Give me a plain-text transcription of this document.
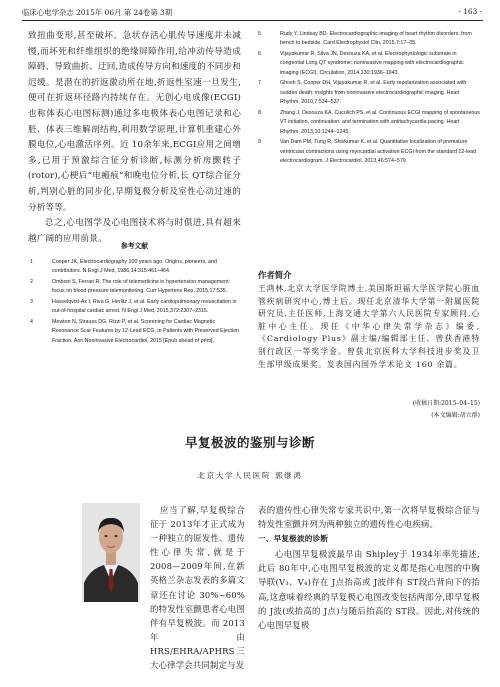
临床心电学杂志 2015年 06月 第 24卷第 3期	· 163 ·

致扭曲变形,甚至破坏。急状存活心肌传导速度并未减慢,而坏死和纤维组织的绝缘屏障作用,给冲动传导造成障碍、导致曲折、迂回,造成传导方向和速度的不同步和迟缓。是潜在的折返激动所在地,折返性室速一旦发生,便可在折返环径路内持续存在。无创心电成像(ECGI)也称体表心电图标测)通过多电极体表心电图记录和心脏、体表三维解剖结构,利用数学原理,计算机重建心外膜电位,心电激活序列。近 10余年来,ECGI应用之间增多,已用于预激综合征分析诊断,标测分析房颤转子(rotor),心梗后“电瘢痕”和晚电位分析,长 QT综合征分析,判别心脏的同步化,早期复极分析及室性心动过速的分析等等。

总之,心电图学及心电图技术将与时俱进,具有超来越广阔的应用前景。

参考文献
1	Cooper JK. Electrocardiography 100 years ago. Origins, pioneers, and contributors. N Engl J Med, 1986,14:315:461–464.
2	Omboni S, Ferrari R. The role of telemedicine in hypertension management: focus on blood pressure telemonitoring. Curr Hypertens Rep, 2015,17:535.
3	Hasselqvist-Ax I, Riva G, Herlitz J, et al. Early cardiopulmonary resuscitation in out-of-hospital cardiac arrest. N Engl J Med, 2015,372:2307–2315.
4	Mewton N, Strauss DG, Rizzi P, et al. Screening for Cardiac Magnetic Resonance Scar Features by 12-Lead ECG, in Patients with Preserved Ejection Fraction. Ann Noninvasive Electrocardiol, 2015 [Epub ahead of print].
5	Rudy Y, Lindsay BD. Electrocardiographic imaging of heart rhythm disorders: from bench to bedside. Card Electrophysiol Clin, 2015,7:17–35.
6	Vijayakumar R, Silva JN, Desouza KA, et al. Electrophysiologic substrate in congenital Long QT syndrome: noninvasive mapping with electrocardiographic imaging (ECGI). Circulation, 2014,130:1936–1943.
7	Ghosh S, Cooper DH, Vijayakumar R, et al. Early repolarization associated with sudden death: insights from noninvasive electrocardiographic imaging. Heart Rhythm, 2010,7:534–537.
8	Zhang J, Desouza KA, Cuculich PS, et al. Continuous ECGI mapping of spontaneous VT initiation, continuation, and termination with antitachycardia pacing. Heart Rhythm, 2013,10:1244–1245.
9	Van Dam PM, Tung R, Shivkumar K, et al. Quantitative localization of premature ventricular contractions using myocardial activation ECGI from the standard 12-lead electrocardiogram. J Electrocardiol, 2013,46:574–579.
作者简介
王鸿林,北京大学医学院博士,美国斯坦福大学医学院心脏血管疾病研究中心,博士后。现任北京清华大学第一附属医院研究员,主任医师,上海交通大学第六人民医院专家顾问,心脏中心主任。现任《中华心律失常学杂志》编委,《Cardiology Plus》副主编/编辑部主任。曾获香港特别行政区一等奖学金。曾获北京医科大学科技进步奖及卫生部甲级成果奖。发表国内国外学术论文 160 余篇。
(收稿日期:2015–04–15)
(本文编辑:胡立群)
早复极波的鉴别与诊断
北京大学人民医院 郭继鸿
应当了解,早复极综合征于 2013年才正式成为一种独立的原发性、遗传性心律失常,就是于 2008—2009年间,在新英格兰杂志发表的多篇文章还在讨论 30%~60%的特发性室颤患者心电图伴有早复极波。而 2013年由 HRS/EHRA/APHRS三大心律学会共同制定与发

表的遗传性心律失常专家共识中,第一次将早复极综合征与特发性室颤并列为两种独立的遗传性心电疾病。

一、早复极波的诊断

心电图早复极波最早由 Shipley于 1934年率先描述,此后 80年中,心电图早复极波的定义都是指心电图的中胸导联(V₃、V₄)存在 J点抬高或 J波伴有 ST段凸背向下的抬高,这意味着经典的早复极心电图改变包括两部分,即早复极的 J波(或抬高的 J点)与随后抬高的 ST段。因此,对传统的心电图早复极
